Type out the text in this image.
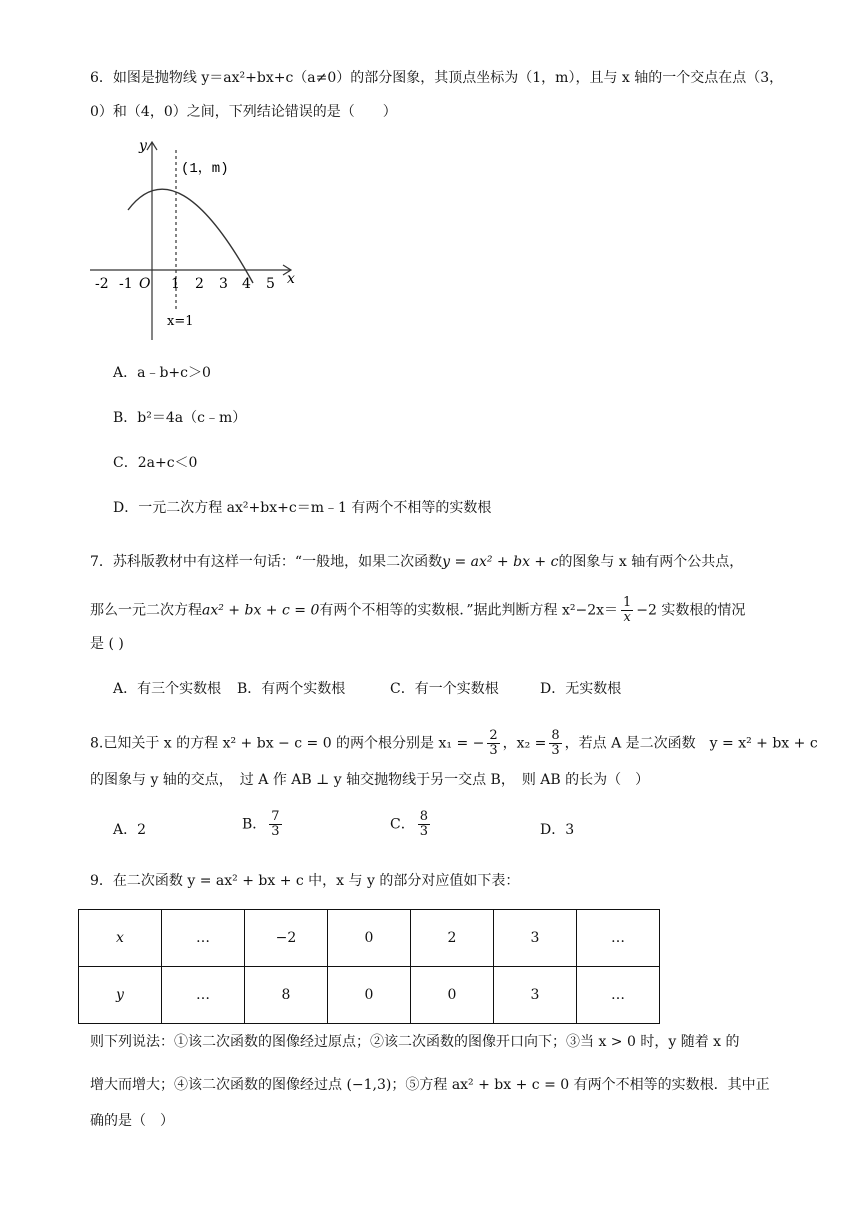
6．如图是抛物线 y＝ax²+bx+c（a≠0）的部分图象，其顶点坐标为（1，m），且与 x 轴的一个交点在点（3，
0）和（4，0）之间，下列结论错误的是（　　）
y
x
(1，m)
x=1
-2 -1 O 1 2 3 4 5
A．a﹣b+c＞0
B．b²＝4a（c﹣m）
C．2a+c＜0
D．一元二次方程 ax²+bx+c＝m﹣1 有两个不相等的实数根
7．苏科版教材中有这样一句话：“一般地，如果二次函数y = ax² + bx + c的图象与 x 轴有两个公共点，
那么一元二次方程ax² + bx + c = 0有两个不相等的实数根．”据此判断方程 $x^2-2x= \frac{1}{x} -2$ 实数根的情况
是 ( )
A．有三个实数根 B．有两个实数根	C．有一个实数根	D．无实数根
8.已知关于 x 的方程 x² + bx − c = 0 的两个根分别是 x₁ = − $\frac{2}{3}$ ，$x_2 = \frac{8}{3}$ ，若点 A 是二次函数　y = x² + bx + c
的图象与 y 轴的交点，　过 A 作 AB ⊥ y 轴交抛物线于另一交点 B，　则 AB 的长为（　）
A．2	B． $\frac{7}{3}$	C． $\frac{8}{3}$	D．3
9．在二次函数 y = ax² + bx + c 中，x 与 y 的部分对应值如下表：
x	…	−2	0	2	3	…
y	…	8	0	0	3	…
则下列说法：①该二次函数的图像经过原点；②该二次函数的图像开口向下；③当 x > 0 时，y 随着 x 的
增大而增大；④该二次函数的图像经过点 (−1,3)；⑤方程 ax² + bx + c = 0 有两个不相等的实数根．其中正
确的是（　）
